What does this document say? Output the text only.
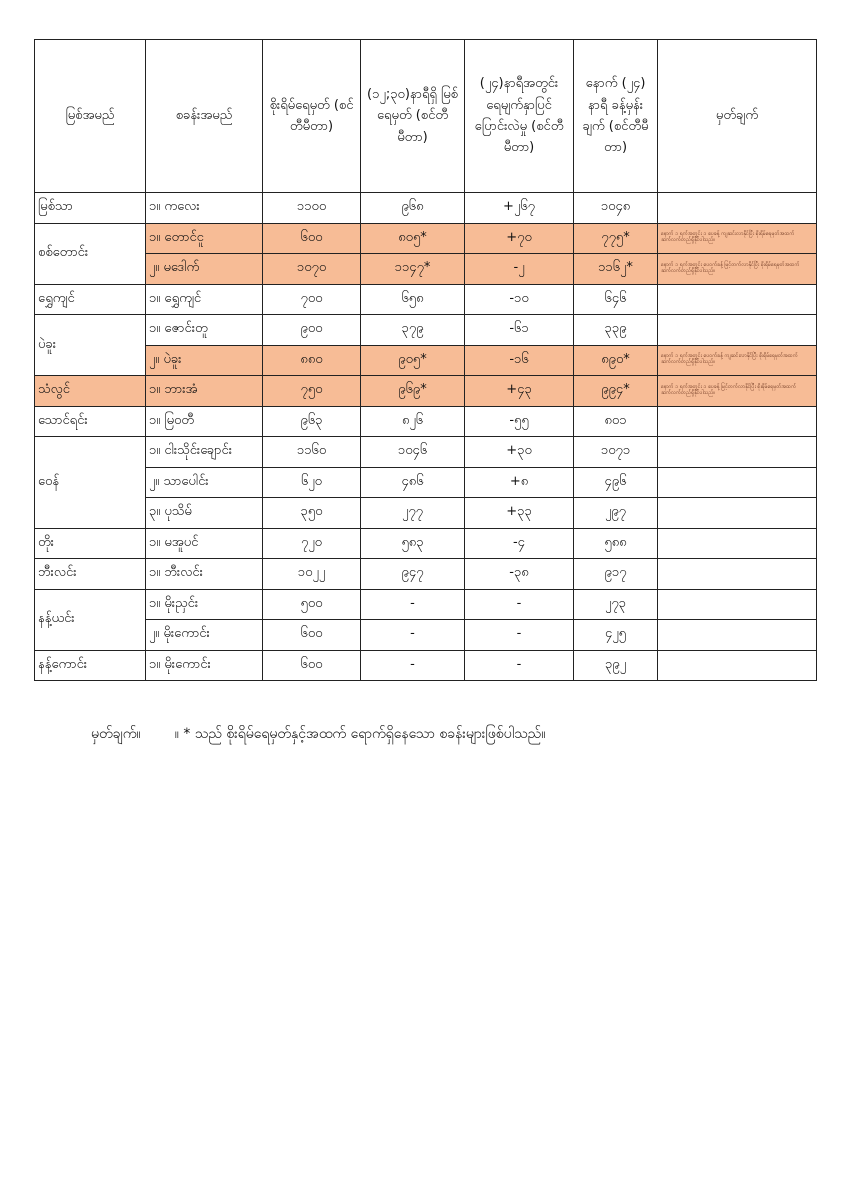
မြစ်အမည်	စခန်းအမည်	စိုးရိမ်ရေမှတ် (စင်တီမီတာ)	(၁၂;၃၀)နာရီရှိ မြစ်ရေမှတ် (စင်တီမီတာ)	(၂၄)နာရီအတွင်း ရေမျက်နှာပြင် ပြောင်းလဲမှု (စင်တီမီတာ)	နောက် (၂၄) နာရီ ခန့်မှန်းချက် (စင်တီမီ တာ)	မှတ်ချက်
မြစ်သာ	၁။ ကလေး	၁၁၀၀	၉၆၈	+၂၆၇	၁၀၄၈	
စစ်တောင်း	၁။ တောင်ငူ	၆၀၀	၈၀၅*	+၇၀	၇၇၅*	နောက် ၁ ရက်အတွင်း ၁ ပေခန့် ကျဆင်းလာနိုင်ပြီး စိုးရိမ်ရေမှတ်အထက် ဆက်လက်တည်ရှိနိုင်ပါသည်။
	၂။ မဒေါက်	၁၀၇၀	၁၁၄၇*	-၂	၁၁၆၂*	နောက် ၁ ရက်အတွင်း ပေဝက်ခန့် မြင့်တက်လာနိုင်ပြီး စိုးရိမ်ရေမှတ်အထက် ဆက်လက်တည်ရှိနိုင်ပါသည်။
ရွှေကျင်	၁။ ရွှေကျင်	၇၀၀	၆၅၈	-၁၀	၆၄၆	
ပဲခူး	၁။ ဇောင်းတူ	၉၀၀	၃၇၉	-၆၁	၃၃၉	
	၂။ ပဲခူး	၈၈၀	၉၀၅*	-၁၆	၈၉၀*	နောက် ၁ ရက်အတွင်း ပေဝက်ခန့် ကျဆင်းလာနိုင်ပြီး စိုးရိမ်ရေမှတ်အထက် ဆက်လက်တည်ရှိနိုင်ပါသည်။
သံလွင်	၁။ ဘားအံ	၇၅၀	၉၆၉*	+၄၃	၉၉၄*	နောက် ၁ ရက်အတွင်း ၁ ပေခန့် မြင့်တက်လာနိုင်ပြီး စိုးရိမ်ရေမှတ်အထက် ဆက်လက်တည်ရှိနိုင်ပါသည်။
သောင်ရင်း	၁။ မြဝတီ	၉၆၃	၈၂၆	-၅၅	၈၀၁	
ဝေန်	၁။ ငါးသိုင်းချောင်း	၁၁၆၀	၁၀၄၆	+၃၀	၁၀၇၁	
	၂။ သာပေါင်း	၆၂၀	၄၈၆	+၈	၄၉၆	
	၃။ ပုသိမ်	၃၅၀	၂၇၇	+၃၃	၂၉၇	
တိုး	၁။ မအူပင်	၇၂၀	၅၈၃	-၄	၅၈၈	
ဘီးလင်း	၁။ ဘီးလင်း	၁၀၂၂	၉၄၇	-၃၈	၉၁၇	
နန့်ယင်း	၁။ မိုးညှင်း	၅၀၀	-	-	၂၇၃	
	၂။ မိုးကောင်း	၆၀၀	-	-	၄၂၅	
နန့်ကောင်း	၁။ မိုးကောင်း	၆၀၀	-	-	၃၉၂	
မှတ်ချက်။ ။ * သည် စိုးရိမ်ရေမှတ်နှင့်အထက် ရောက်ရှိနေသော စခန်းများဖြစ်ပါသည်။
